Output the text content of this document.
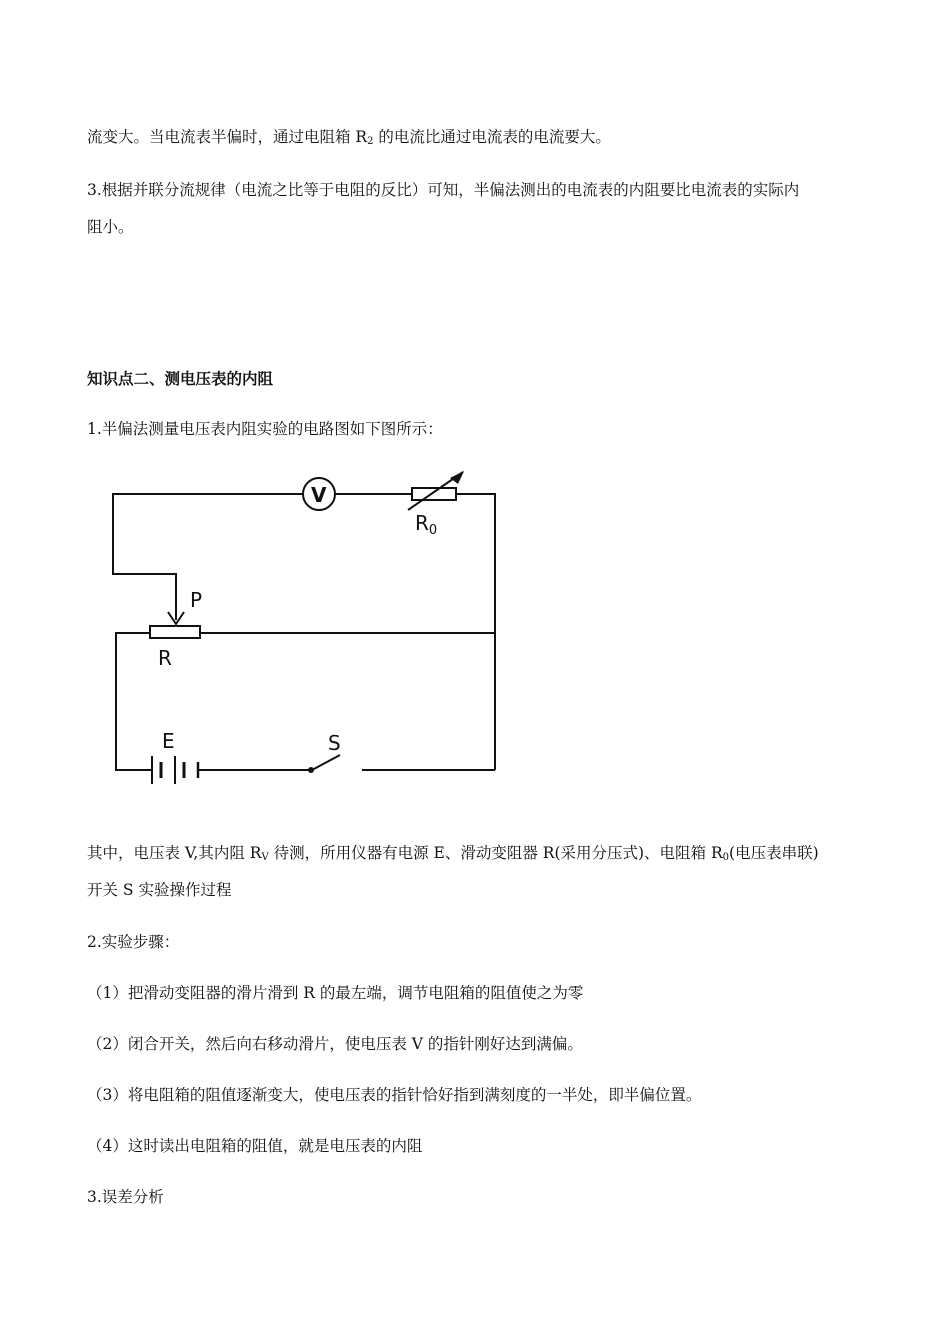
流变大。当电流表半偏时，通过电阻箱 $R_2$ 的电流比通过电流表的电流要大。
3.根据并联分流规律（电流之比等于电阻的反比）可知，半偏法测出的电流表的内阻要比电流表的实际内
阻小。
知识点二、测电压表的内阻
1.半偏法测量电压表内阻实验的电路图如下图所示：
V
$R_0$
P
R
E	S
其中，电压表 V,其内阻 $R_V$ 待测，所用仪器有电源 E、滑动变阻器 R(采用分压式)、电阻箱 $R_0$(电压表串联)
开关 S 实验操作过程
2.实验步骤：
（1）把滑动变阻器的滑片滑到 R 的最左端，调节电阻箱的阻值使之为零
（2）闭合开关，然后向右移动滑片，使电压表 V 的指针刚好达到满偏。
（3）将电阻箱的阻值逐渐变大，使电压表的指针恰好指到满刻度的一半处，即半偏位置。
（4）这时读出电阻箱的阻值，就是电压表的内阻
3.误差分析
